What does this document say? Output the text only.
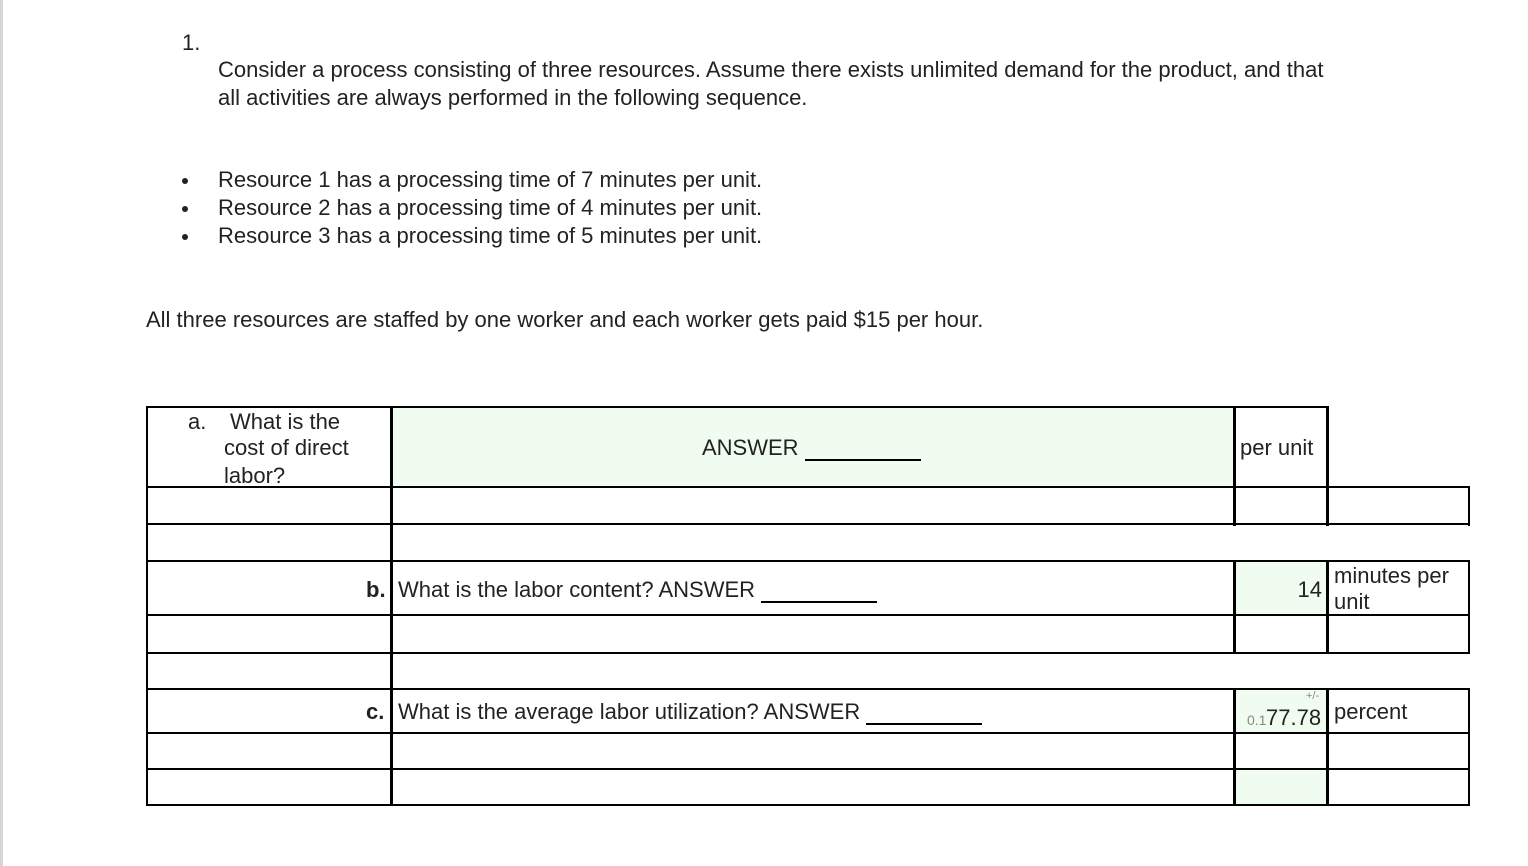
1.
Consider a process consisting of three resources. Assume there exists unlimited demand for the product, and that
all activities are always performed in the following sequence.
Resource 1 has a processing time of 7 minutes per unit.
Resource 2 has a processing time of 4 minutes per unit.
Resource 3 has a processing time of 5 minutes per unit.
All three resources are staffed by one worker and each worker gets paid $15 per hour.
a. What is the
cost of direct
labor?
ANSWER	per unit
b. What is the labor content? ANSWER	14
minutes per
unit
c. What is the average labor utilization? ANSWER
+/-
0.1 77.78 percent
